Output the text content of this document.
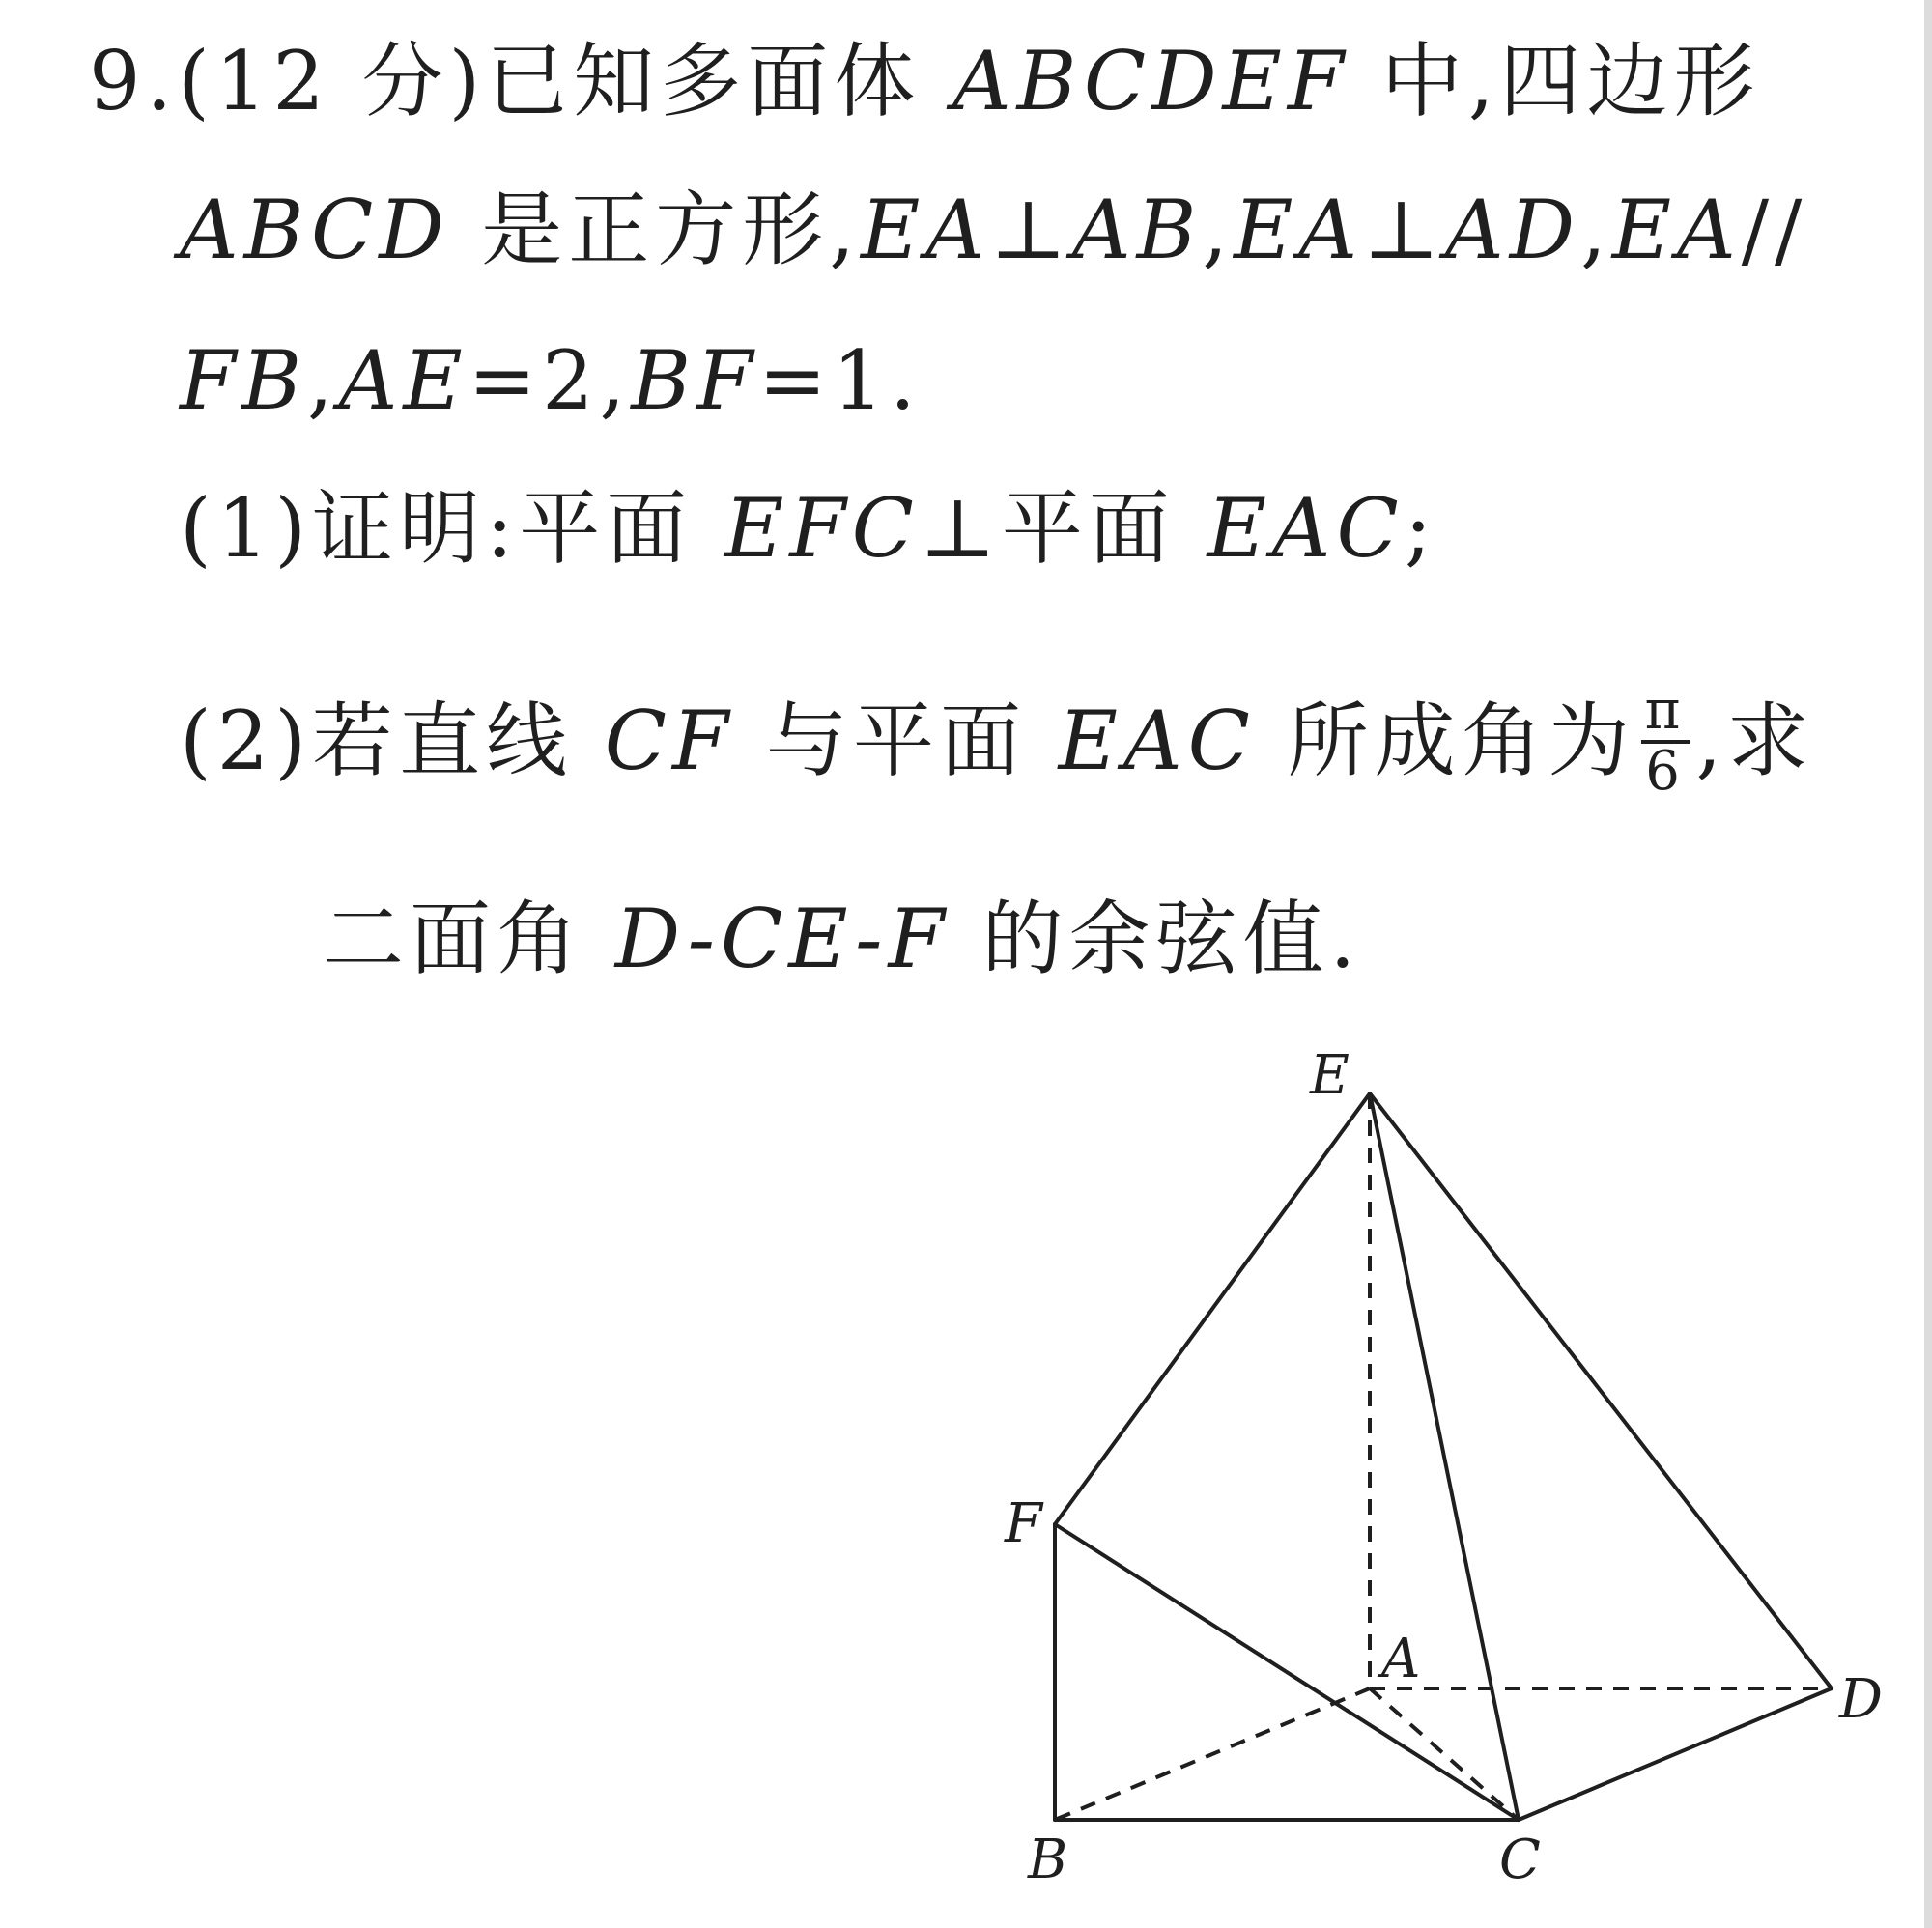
9.(12 分)已知多面体 ABCDEF 中,四边形
ABCD 是正方形,EA⊥AB,EA⊥AD,EA//
FB,AE=2,BF=1.
(1)证明:平面 EFC⊥平面 EAC;
(2)若直线 CF 与平面 EAC 所成角为 $\frac{\pi}{6}$ ,求
二面角 D-CE-F 的余弦值.
E
F
A
D
B	C
